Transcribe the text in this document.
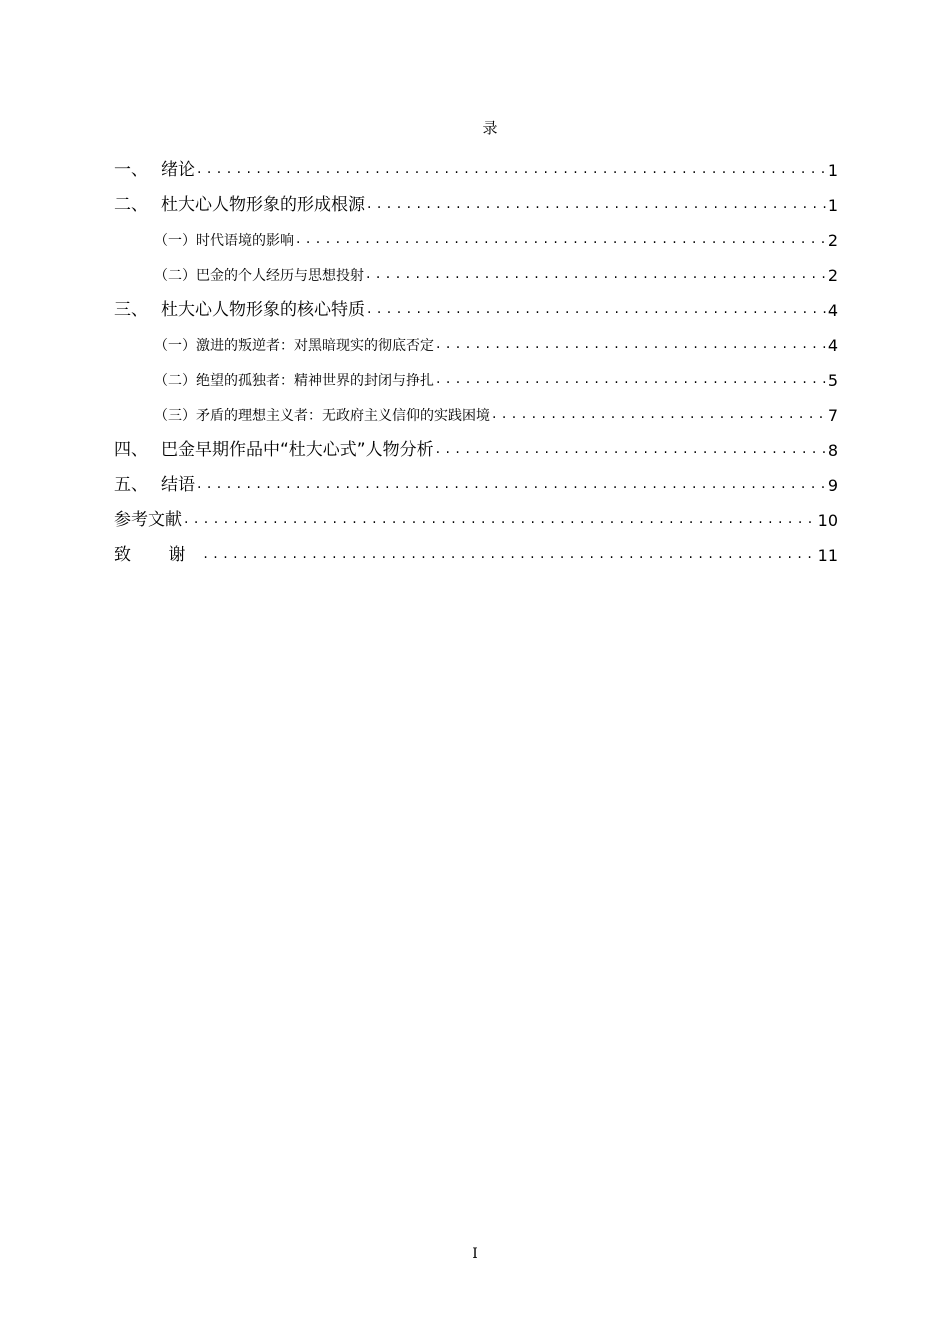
录
一、 绪论 . . .	1
二、 杜大心人物形象的形成根源 . . .	1
（一） 时代语境的影响 . . .	2
（二） 巴金的个人经历与思想投射 . . .	2
三、 杜大心人物形象的核心特质 . . .	4
（一） 激进的叛逆者：对黑暗现实的彻底否定 . . .	4
（二） 绝望的孤独者：精神世界的封闭与挣扎 . . .	5
（三） 矛盾的理想主义者：无政府主义信仰的实践困境 . . .	7
四、 巴金早期作品中“杜大心式”人物分析 . . .	8
五、 结语 . . .	9
参考文献 . . .	10
致 谢 . . .	11
I
